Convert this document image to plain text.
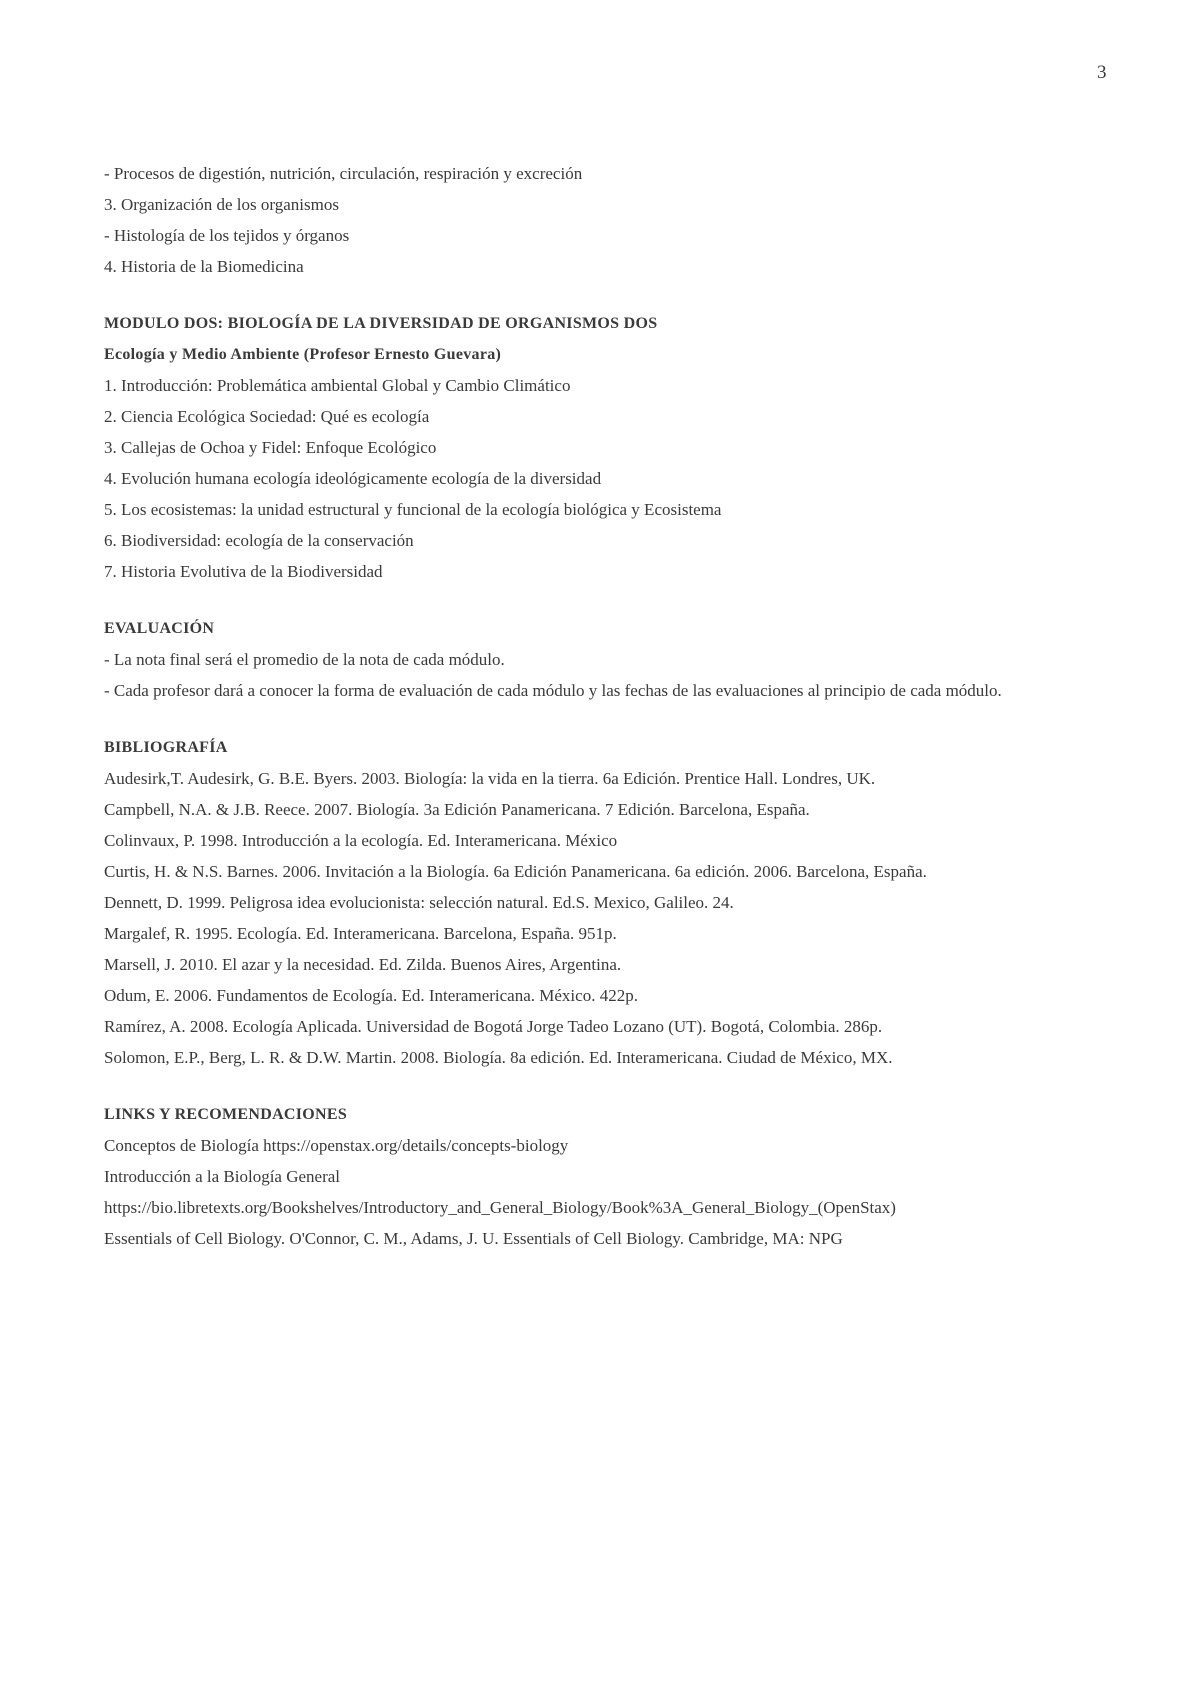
3
- Procesos de digestión, nutrición, circulación, respiración y excreción
3. Organización de los organismos
- Histología de los tejidos y órganos
4. Historia de la Biomedicina
MODULO DOS: BIOLOGÍA DE LA DIVERSIDAD DE ORGANISMOS DOS
Ecología y Medio Ambiente (Profesor Ernesto Guevara)
1. Introducción: Problemática ambiental Global y Cambio Climático
2. Ciencia Ecológica Sociedad: Qué es ecología
3. Callejas de Ochoa y Fidel: Enfoque Ecológico
4. Evolución humana ecología ideológicamente ecología de la diversidad
5. Los ecosistemas: la unidad estructural y funcional de la ecología biológica y Ecosistema
6. Biodiversidad: ecología de la conservación
7. Historia Evolutiva de la Biodiversidad
EVALUACIÓN
- La nota final será el promedio de la nota de cada módulo.
- Cada profesor dará a conocer la forma de evaluación de cada módulo y las fechas de las evaluaciones al principio de cada módulo.
BIBLIOGRAFÍA
Audesirk,T. Audesirk, G. B.E. Byers. 2003. Biología: la vida en la tierra. 6a Edición. Prentice Hall. Londres, UK.
Campbell, N.A. & J.B. Reece. 2007. Biología. 3a Edición Panamericana. 7 Edición. Barcelona, España.
Colinvaux, P. 1998. Introducción a la ecología. Ed. Interamericana. México
Curtis, H. & N.S. Barnes. 2006. Invitación a la Biología. 6a Edición Panamericana. 6a edición. 2006. Barcelona, España.
Dennett, D. 1999. Peligrosa idea evolucionista: selección natural. Ed.S. Mexico, Galileo. 24.
Margalef, R. 1995. Ecología. Ed. Interamericana. Barcelona, España. 951p.
Marsell, J. 2010. El azar y la necesidad. Ed. Zilda. Buenos Aires, Argentina.
Odum, E. 2006. Fundamentos de Ecología. Ed. Interamericana. México. 422p.
Ramírez, A. 2008. Ecología Aplicada. Universidad de Bogotá Jorge Tadeo Lozano (UT). Bogotá, Colombia. 286p.
Solomon, E.P., Berg, L. R. & D.W. Martin. 2008. Biología. 8a edición. Ed. Interamericana. Ciudad de México, MX.
LINKS Y RECOMENDACIONES
Conceptos de Biología https://openstax.org/details/concepts-biology
Introducción a la Biología General
https://bio.libretexts.org/Bookshelves/Introductory_and_General_Biology/Book%3A_General_Biology_(OpenStax)
Essentials of Cell Biology. O'Connor, C. M., Adams, J. U. Essentials of Cell Biology. Cambridge, MA: NPG
